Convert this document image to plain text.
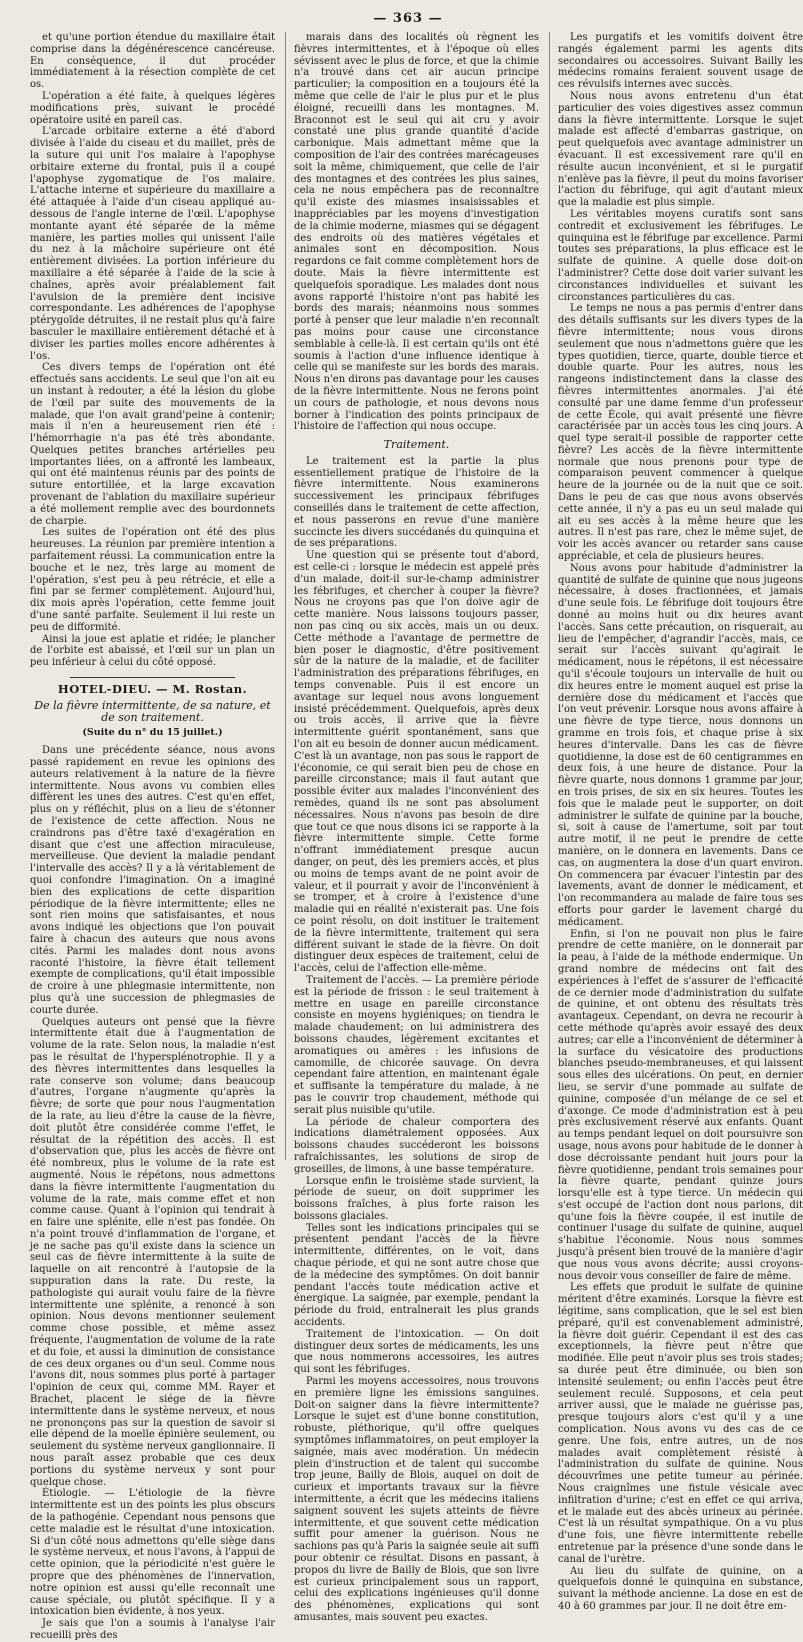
— 363 —

et qu'une portion étendue du maxillaire était comprise dans la dégénérescence cancéreuse. En conséquence, il dut procéder immédiatement à la résection complète de cet os.

L'opération a été faite, à quelques légères modifications près, suivant le procédé opératoire usité en pareil cas.

L'arcade orbitaire externe a été d'abord divisée à l'aide du ciseau et du maillet, près de la suture qui unit l'os malaire à l'apophyse orbitaire externe du frontal, puis il a coupé l'apophyse zygomatique de l'os malaire. L'attache interne et supérieure du maxillaire a été attaquée à l'aide d'un ciseau appliqué au-dessous de l'angle interne de l'œil. L'apophyse montante ayant été séparée de la même manière, les parties molles qui unissent l'aile du nez à la mâchoire supérieure ont été entièrement divisées. La portion inférieure du maxillaire a été séparée à l'aide de la scie à chaînes, après avoir préalablement fait l'avulsion de la première dent incisive correspondante. Les adhérences de l'apophyse ptérygoïde détruites, il ne restait plus qu'à faire basculer le maxillaire entièrement détaché et à diviser les parties molles encore adhérentes à l'os.

Ces divers temps de l'opération ont été effectués sans accidents. Le seul que l'on ait eu un instant à redouter, a été la lésion du globe de l'œil par suite des mouvements de la malade, que l'on avait grand'peine à contenir; mais il n'en a heureusement rien été : l'hémorrhagie n'a pas été très abondante. Quelques petites branches artérielles peu importantes liées, on a affronté les lambeaux, qui ont été maintenus réunis par des points de suture entortillée, et la large excavation provenant de l'ablation du maxillaire supérieur a été mollement remplie avec des bourdonnets de charpie.

Les suites de l'opération ont été des plus heureuses. La réunion par première intention a parfaitement réussi. La communication entre la bouche et le nez, très large au moment de l'opération, s'est peu à peu rétrécie, et elle a fini par se fermer complètement. Aujourd'hui, dix mois après l'opération, cette femme jouit d'une santé parfaite. Seulement il lui reste un peu de difformité.

Ainsi la joue est aplatie et ridée; le plancher de l'orbite est abaissé, et l'œil sur un plan un peu inférieur à celui du côté opposé.

HOTEL-DIEU. — M. Rostan.
De la fièvre intermittente, de sa nature, et de son traitement.
(Suite du n° du 15 juillet.)

Dans une précédente séance, nous avons passé rapidement en revue les opinions des auteurs relativement à la nature de la fièvre intermittente. Nous avons vu combien elles diffèrent les unes des autres. C'est qu'en effet, plus on y réfléchit, plus on a lieu de s'étonner de l'existence de cette affection. Nous ne craindrons pas d'être taxé d'exagération en disant que c'est une affection miraculeuse, merveilleuse. Que devient la maladie pendant l'intervalle des accès? Il y a là véritablement de quoi confondre l'imagination. On a imaginé bien des explications de cette disparition périodique de la fièvre intermittente; elles ne sont rien moins que satisfaisantes, et nous avons indiqué les objections que l'on pouvait faire à chacun des auteurs que nous avons cités. Parmi les malades dont nous avons raconté l'histoire, la fièvre était tellement exempte de complications, qu'il était impossible de croire à une phlegmasie intermittente, non plus qu'à une succession de phlegmasies de courte durée.

Quelques auteurs ont pensé que la fièvre intermittente était due à l'augmentation de volume de la rate. Selon nous, la maladie n'est pas le résultat de l'hypersplénotrophie. Il y a des fièvres intermittentes dans lesquelles la rate conserve son volume; dans beaucoup d'autres, l'organe n'augmente qu'après la fièvre; de sorte que pour nous l'augmentation de la rate, au lieu d'être la cause de la fièvre, doit plutôt être considérée comme l'effet, le résultat de la répétition des accès. Il est d'observation que, plus les accès de fièvre ont été nombreux, plus le volume de la rate est augmenté. Nous le répétons, nous admettons dans la fièvre intermittente l'augmentation du volume de la rate, mais comme effet et non comme cause. Quant à l'opinion qui tendrait à en faire une splénite, elle n'est pas fondée. On n'a point trouvé d'inflammation de l'organe, et je ne sache pas qu'il existe dans la science un seul cas de fièvre intermittente à la suite de laquelle on ait rencontré à l'autopsie de la suppuration dans la rate. Du reste, la pathologiste qui aurait voulu faire de la fièvre intermittente une splénite, a renoncé à son opinion. Nous devons mentionner seulement comme chose possible, et même assez fréquente, l'augmentation de volume de la rate et du foie, et aussi la diminution de consistance de ces deux organes ou d'un seul. Comme nous l'avons dit, nous sommes plus porté à partager l'opinion de ceux qui, comme MM. Rayer et Brachet, placent le siége de la fièvre intermittente dans le système nerveux, et nous ne prononçons pas sur la question de savoir si elle dépend de la moelle épinière seulement, ou seulement du système nerveux ganglionnaire. Il nous paraît assez probable que ces deux portions du système nerveux y sont pour quelque chose.

Étiologie. — L'étiologie de la fièvre intermittente est un des points les plus obscurs de la pathogénie. Cependant nous pensons que cette maladie est le résultat d'une intoxication. Si d'un côté nous admettons qu'elle siège dans le système nerveux, et nous l'avons, à l'appui de cette opinion, que la périodicité n'est guère le propre que des phénomènes de l'innervation, notre opinion est aussi qu'elle reconnaît une cause spéciale, ou plutôt spécifique. Il y a intoxication bien évidente, à nos yeux.

Je sais que l'on a soumis à l'analyse l'air recueilli près des

marais dans des localités où règnent les fièvres intermittentes, et à l'époque où elles sévissent avec le plus de force, et que la chimie n'a trouvé dans cet air aucun principe particulier; la composition en a toujours été la même que celle de l'air le plus pur et le plus éloigné, recueilli dans les montagnes. M. Braconnot est le seul qui ait cru y avoir constaté une plus grande quantité d'acide carbonique. Mais admettant même que la composition de l'air des contrées marécageuses soit la même, chimiquement, que celle de l'air des montagnes et des contrées les plus saines, cela ne nous empêchera pas de reconnaître qu'il existe des miasmes insaisissables et inappréciables par les moyens d'investigation de la chimie moderne, miasmes qui se dégagent des endroits où des matières végétales et animales sont en décomposition. Nous regardons ce fait comme complètement hors de doute. Mais la fièvre intermittente est quelquefois sporadique. Les malades dont nous avons rapporté l'histoire n'ont pas habité les bords des marais; néanmoins nous sommes porté à penser que leur maladie n'en reconnaît pas moins pour cause une circonstance semblable à celle-là. Il est certain qu'ils ont été soumis à l'action d'une influence identique à celle qui se manifeste sur les bords des marais. Nous n'en dirons pas davantage pour les causes de la fièvre intermittente. Nous ne ferons point un cours de pathologie, et nous devons nous borner à l'indication des points principaux de l'histoire de l'affection qui nous occupe.

Traitement.

Le traitement est la partie la plus essentiellement pratique de l'histoire de la fièvre intermittente. Nous examinerons successivement les principaux fébrifuges conseillés dans le traitement de cette affection, et nous passerons en revue d'une manière succincte les divers succédanés du quinquina et de ses préparations.

Une question qui se présente tout d'abord, est celle-ci : lorsque le médecin est appelé près d'un malade, doit-il sur-le-champ administrer les fébrifuges, et chercher à couper la fièvre? Nous ne croyons pas que l'on doive agir de cette manière. Nous laissons toujours passer, non pas cinq ou six accès, mais un ou deux. Cette méthode a l'avantage de permettre de bien poser le diagnostic, d'être positivement sûr de la nature de la maladie, et de faciliter l'administration des préparations fébrifuges, en temps convenable. Puis il est encore un avantage sur lequel nous avons longuement insisté précédemment. Quelquefois, après deux ou trois accès, il arrive que la fièvre intermittente guérit spontanément, sans que l'on ait eu besoin de donner aucun médicament. C'est là un avantage, non pas sous le rapport de l'économie, ce qui serait bien peu de chose en pareille circonstance; mais il faut autant que possible éviter aux malades l'inconvénient des remèdes, quand ils ne sont pas absolument nécessaires. Nous n'avons pas besoin de dire que tout ce que nous disons ici se rapporte à la fièvre intermittente simple. Cette forme n'offrant immédiatement presque aucun danger, on peut, dès les premiers accès, et plus ou moins de temps avant de ne point avoir de valeur, et il pourrait y avoir de l'inconvénient à se tromper, et à croire à l'existence d'une maladie qui en réalité n'existerait pas. Une fois ce point résolu, on doit instituer le traitement de la fièvre intermittente, traitement qui sera différent suivant le stade de la fièvre. On doit distinguer deux espèces de traitement, celui de l'accès, celui de l'affection elle-même.

Traitement de l'accès. — La première période est la période de frisson : le seul traitement à mettre en usage en pareille circonstance consiste en moyens hygiéniques; on tiendra le malade chaudement; on lui administrera des boissons chaudes, légèrement excitantes et aromatiques ou amères : les infusions de camomille, de chicorée sauvage. On devra cependant faire attention, en maintenant égale et suffisante la température du malade, à ne pas le couvrir trop chaudement, méthode qui serait plus nuisible qu'utile.

La période de chaleur comportera des indications diamétralement opposées. Aux boissons chaudes succéderont les boissons rafraîchissantes, les solutions de sirop de groseilles, de limons, à une basse température.

Lorsque enfin le troisième stade survient, la période de sueur, on doit supprimer les boissons fraîches, à plus forte raison les boissons glaciales.

Telles sont les indications principales qui se présentent pendant l'accès de la fièvre intermittente, différentes, on le voit, dans chaque période, et qui ne sont autre chose que de la médecine des symptômes. On doit bannir pendant l'accès toute médication active et énergique. La saignée, par exemple, pendant la période du froid, entraînerait les plus grands accidents.

Traitement de l'intoxication. — On doit distinguer deux sortes de médicaments, les uns que nous nommerons accessoires, les autres qui sont les fébrifuges.

Parmi les moyens accessoires, nous trouvons en première ligne les émissions sanguines. Doit-on saigner dans la fièvre intermittente? Lorsque le sujet est d'une bonne constitution, robuste, pléthorique, qu'il offre quelques symptômes inflammatoires, on peut employer la saignée, mais avec modération. Un médecin plein d'instruction et de talent qui succombe trop jeune, Bailly de Blois, auquel on doit de curieux et importants travaux sur la fièvre intermittente, a écrit que les médecins italiens saignent souvent les sujets atteints de fièvre intermittente, et que souvent cette médication suffit pour amener la guérison. Nous ne sachions pas qu'à Paris la saignée seule ait suffi pour obtenir ce résultat. Disons en passant, à propos du livre de Bailly de Blois, que son livre est curieux principalement sous un rapport, celui des explications ingénieuses qu'il donne des phénomènes, explications qui sont amusantes, mais souvent peu exactes.

Les purgatifs et les vomitifs doivent être rangés également parmi les agents dits secondaires ou accessoires. Suivant Bailly les médecins romains feraient souvent usage de ces révulsifs internes avec succès.

Nous nous avons entretenu d'un état particulier des voies digestives assez commun dans la fièvre intermittente. Lorsque le sujet malade est affecté d'embarras gastrique, on peut quelquefois avec avantage administrer un évacuant. Il est excessivement rare qu'il en résulte aucun inconvénient, et si le purgatif n'enlève pas la fièvre, il peut du moins favoriser l'action du fébrifuge, qui agit d'autant mieux que la maladie est plus simple.

Les véritables moyens curatifs sont sans contredit et exclusivement les fébrifuges. Le quinquina est le fébrifuge par excellence. Parmi toutes ses préparations, la plus efficace est le sulfate de quinine. A quelle dose doit-on l'administrer? Cette dose doit varier suivant les circonstances individuelles et suivant les circonstances particulières du cas.

Le temps ne nous a pas permis d'entrer dans des détails suffisants sur les divers types de la fièvre intermittente; nous vous dirons seulement que nous n'admettons guère que les types quotidien, tierce, quarte, double tierce et double quarte. Pour les autres, nous les rangeons indistinctement dans la classe des fièvres intermittentes anormales. J'ai été consulté par une dame femme d'un professeur de cette École, qui avait présenté une fièvre caractérisée par un accès tous les cinq jours. A quel type serait-il possible de rapporter cette fièvre? Les accès de la fièvre intermittente normale que nous prenons pour type de comparaison peuvent commencer à quelque heure de la journée ou de la nuit que ce soit. Dans le peu de cas que nous avons observés cette année, il n'y a pas eu un seul malade qui ait eu ses accès à la même heure que les autres. Il n'est pas rare, chez le même sujet, de voir les accès avancer ou retarder sans cause appréciable, et cela de plusieurs heures.

Nous avons pour habitude d'administrer la quantité de sulfate de quinine que nous jugeons nécessaire, à doses fractionnées, et jamais d'une seule fois. Le fébrifuge doit toujours être donné au moins huit ou dix heures avant l'accès. Sans cette précaution, on risquerait, au lieu de l'empêcher, d'agrandir l'accès, mais, ce serait sur l'accès suivant qu'agirait le médicament, nous le répétons, il est nécessaire qu'il s'écoule toujours un intervalle de huit ou dix heures entre le moment auquel est prise la dernière dose du médicament et l'accès que l'on veut prévenir. Lorsque nous avons affaire à une fièvre de type tierce, nous donnons un gramme en trois fois, et chaque prise à six heures d'intervalle. Dans les cas de fièvre quotidienne, la dose est de 60 centigrammes en deux fois, à une heure de distance. Pour la fièvre quarte, nous donnons 1 gramme par jour, en trois prises, de six en six heures. Toutes les fois que le malade peut le supporter, on doit administrer le sulfate de quinine par la bouche, si, soit à cause de l'amertume, soit par tout autre motif, il ne peut le prendre de cette manière, on le donnera en lavements. Dans ce cas, on augmentera la dose d'un quart environ. On commencera par évacuer l'intestin par des lavements, avant de donner le médicament, et l'on recommandera au malade de faire tous ses efforts pour garder le lavement chargé du médicament.

Enfin, si l'on ne pouvait non plus le faire prendre de cette manière, on le donnerait par la peau, à l'aide de la méthode endermique. Un grand nombre de médecins ont fait des expériences à l'effet de s'assurer de l'efficacité de ce dernier mode d'administration du sulfate de quinine, et ont obtenu des résultats très avantageux. Cependant, on devra ne recourir à cette méthode qu'après avoir essayé des deux autres; car elle a l'inconvénient de déterminer à la surface du vésicatoire des productions blanches pseudo-membraneuses, et qui laissent sous elles des ulcérations. On peut, en dernier lieu, se servir d'une pommade au sulfate de quinine, composée d'un mélange de ce sel et d'axonge. Ce mode d'administration est à peu près exclusivement réservé aux enfants. Quant au temps pendant lequel on doit poursuivre son usage, nous avons pour habitude de le donner à dose décroissante pendant huit jours pour la fièvre quotidienne, pendant trois semaines pour la fièvre quarte, pendant quinze jours lorsqu'elle est à type tierce. Un médecin qui s'est occupé de l'action dont nous parlons, dit qu'une fois la fièvre coupée, il est inutile de continuer l'usage du sulfate de quinine, auquel s'habitue l'économie. Nous nous sommes jusqu'à présent bien trouvé de la manière d'agir que nous vous avons décrite; aussi croyons-nous devoir vous conseiller de faire de même.

Les effets que produit le sulfate de quinine méritent d'être examinés. Lorsque la fièvre est légitime, sans complication, que le sel est bien préparé, qu'il est convenablement administré, la fièvre doit guérir. Cependant il est des cas exceptionnels, la fièvre peut n'être que modifiée. Elle peut n'avoir plus ses trois stades; sa durée peut être diminuée, ou bien son intensité seulement; ou enfin l'accès peut être seulement reculé. Supposons, et cela peut arriver aussi, que le malade ne guérisse pas, presque toujours alors c'est qu'il y a une complication. Nous avons vu des cas de ce genre. Une fois, entre autres, un de nos malades avait complètement résisté à l'administration du sulfate de quinine. Nous découvrîmes une petite tumeur au périnée. Nous craignîmes une fistule vésicale avec infiltration d'urine; c'est en effet ce qui arriva, et le malade eut des abcès urineux au périnée. C'est là un résultat sympathique. On a vu plus d'une fois, une fièvre intermittente rebelle entretenue par la présence d'une sonde dans le canal de l'urètre.

Au lieu du sulfate de quinine, on a quelquefois donné le quinquina en substance, suivant la méthode ancienne. La dose en est de 40 à 60 grammes par jour. Il ne doit être em-
